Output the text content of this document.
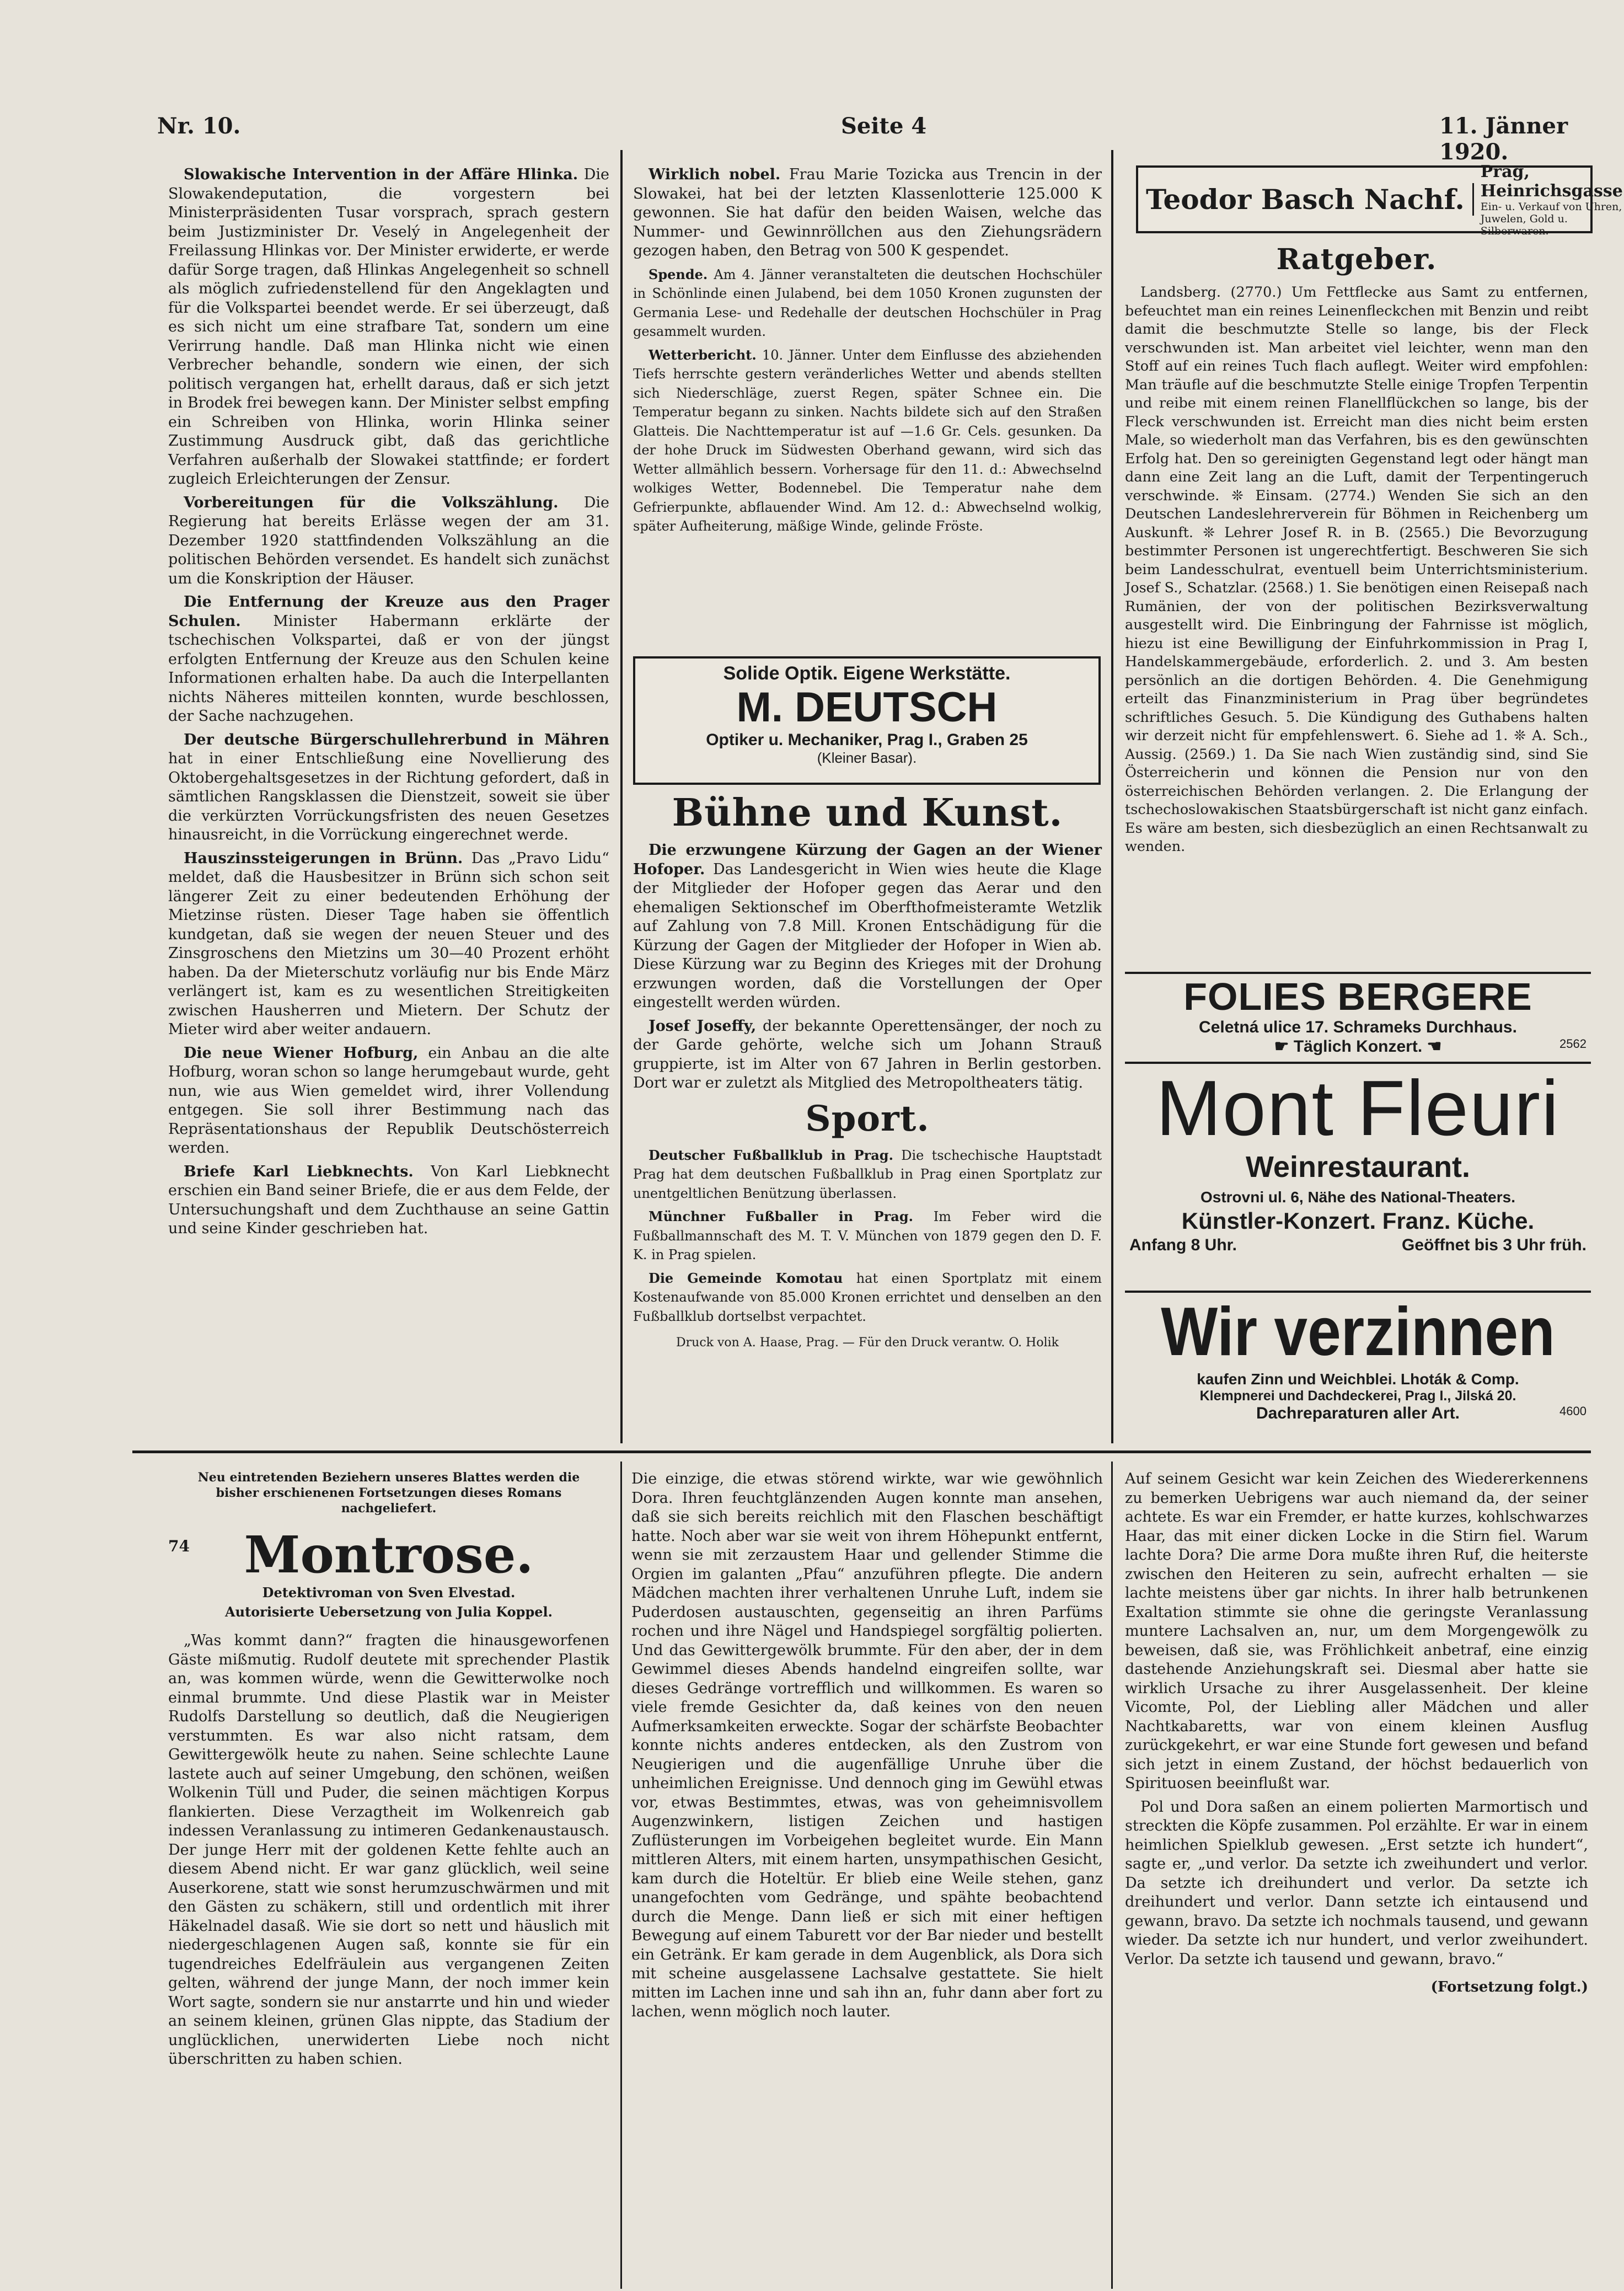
Nr. 10.	Seite 4	11. Jänner 1920.

Slowakische Intervention in der Affäre Hlinka. Die Slowakendeputation, die vorgestern bei Ministerpräsidenten Tusar vorsprach, sprach gestern beim Justizminister Dr. Veselý in Angelegenheit der Freilassung Hlinkas vor. Der Minister erwiderte, er werde dafür Sorge tragen, daß Hlinkas Angelegenheit so schnell als möglich zufriedenstellend für den Angeklagten und für die Volkspartei beendet werde. Er sei überzeugt, daß es sich nicht um eine strafbare Tat, sondern um eine Verirrung handle. Daß man Hlinka nicht wie einen Verbrecher behandle, sondern wie einen, der sich politisch vergangen hat, erhellt daraus, daß er sich jetzt in Brodek frei bewegen kann. Der Minister selbst empfing ein Schreiben von Hlinka, worin Hlinka seiner Zustimmung Ausdruck gibt, daß das gerichtliche Verfahren außerhalb der Slowakei stattfinde; er fordert zugleich Erleichterungen der Zensur.

Vorbereitungen für die Volkszählung. Die Regierung hat bereits Erlässe wegen der am 31. Dezember 1920 stattfindenden Volkszählung an die politischen Behörden versendet. Es handelt sich zunächst um die Konskription der Häuser.

Die Entfernung der Kreuze aus den Prager Schulen. Minister Habermann erklärte der tschechischen Volkspartei, daß er von der jüngst erfolgten Entfernung der Kreuze aus den Schulen keine Informationen erhalten habe. Da auch die Interpellanten nichts Näheres mitteilen konnten, wurde beschlossen, der Sache nachzugehen.

Der deutsche Bürgerschullehrerbund in Mähren hat in einer Entschließung eine Novellierung des Oktobergehaltsgesetzes in der Richtung gefordert, daß in sämtlichen Rangsklassen die Dienstzeit, soweit sie über die verkürzten Vorrückungsfristen des neuen Gesetzes hinausreicht, in die Vorrückung eingerechnet werde.

Hauszinssteigerungen in Brünn. Das „Pravo Lidu“ meldet, daß die Hausbesitzer in Brünn sich schon seit längerer Zeit zu einer bedeutenden Erhöhung der Mietzinse rüsten. Dieser Tage haben sie öffentlich kundgetan, daß sie wegen der neuen Steuer und des Zinsgroschens den Mietzins um 30—40 Prozent erhöht haben. Da der Mieterschutz vorläufig nur bis Ende März verlängert ist, kam es zu wesentlichen Streitigkeiten zwischen Hausherren und Mietern. Der Schutz der Mieter wird aber weiter andauern.

Die neue Wiener Hofburg, ein Anbau an die alte Hofburg, woran schon so lange herumgebaut wurde, geht nun, wie aus Wien gemeldet wird, ihrer Vollendung entgegen. Sie soll ihrer Bestimmung nach das Repräsentationshaus der Republik Deutschösterreich werden.

Briefe Karl Liebknechts. Von Karl Liebknecht erschien ein Band seiner Briefe, die er aus dem Felde, der Untersuchungshaft und dem Zuchthause an seine Gattin und seine Kinder geschrieben hat.

Wirklich nobel. Frau Marie Tozicka aus Trencin in der Slowakei, hat bei der letzten Klassenlotterie 125.000 K gewonnen. Sie hat dafür den beiden Waisen, welche das Nummer- und Gewinnröllchen aus den Ziehungsrädern gezogen haben, den Betrag von 500 K gespendet.

Spende. Am 4. Jänner veranstalteten die deutschen Hochschüler in Schönlinde einen Julabend, bei dem 1050 Kronen zugunsten der Germania Lese- und Redehalle der deutschen Hochschüler in Prag gesammelt wurden.

Wetterbericht. 10. Jänner. Unter dem Einflusse des abziehenden Tiefs herrschte gestern veränderliches Wetter und abends stellten sich Niederschläge, zuerst Regen, später Schnee ein. Die Temperatur begann zu sinken. Nachts bildete sich auf den Straßen Glatteis. Die Nachttemperatur ist auf —1.6 Gr. Cels. gesunken. Da der hohe Druck im Südwesten Oberhand gewann, wird sich das Wetter allmählich bessern. Vorhersage für den 11. d.: Abwechselnd wolkiges Wetter, Bodennebel. Die Temperatur nahe dem Gefrierpunkte, abflauender Wind. Am 12. d.: Abwechselnd wolkig, später Aufheiterung, mäßige Winde, gelinde Fröste.

Solide Optik. Eigene Werkstätte.
M. DEUTSCH
Optiker u. Mechaniker, Prag I., Graben 25
(Kleiner Basar).
Bühne und Kunst.

Die erzwungene Kürzung der Gagen an der Wiener Hofoper. Das Landesgericht in Wien wies heute die Klage der Mitglieder der Hofoper gegen das Aerar und den ehemaligen Sektionschef im Oberfthofmeisteramte Wetzlik auf Zahlung von 7.8 Mill. Kronen Entschädigung für die Kürzung der Gagen der Mitglieder der Hofoper in Wien ab. Diese Kürzung war zu Beginn des Krieges mit der Drohung erzwungen worden, daß die Vorstellungen der Oper eingestellt werden würden.

Josef Joseffy, der bekannte Operettensänger, der noch zu der Garde gehörte, welche sich um Johann Strauß gruppierte, ist im Alter von 67 Jahren in Berlin gestorben. Dort war er zuletzt als Mitglied des Metropoltheaters tätig.

Sport.

Deutscher Fußballklub in Prag. Die tschechische Hauptstadt Prag hat dem deutschen Fußballklub in Prag einen Sportplatz zur unentgeltlichen Benützung überlassen.

Münchner Fußballer in Prag. Im Feber wird die Fußballmannschaft des M. T. V. München von 1879 gegen den D. F. K. in Prag spielen.

Die Gemeinde Komotau hat einen Sportplatz mit einem Kostenaufwande von 85.000 Kronen errichtet und denselben an den Fußballklub dortselbst verpachtet.

Druck von A. Haase, Prag. — Für den Druck verantw. O. Holik
Teodor Basch Nachf.
Prag, Heinrichsgasse
Ein- u. Verkauf von Uhren, Juwelen, Gold u. Silberwaren.
Ratgeber.

Landsberg. (2770.) Um Fettflecke aus Samt zu entfernen, befeuchtet man ein reines Leinenfleckchen mit Benzin und reibt damit die beschmutzte Stelle so lange, bis der Fleck verschwunden ist. Man arbeitet viel leichter, wenn man den Stoff auf ein reines Tuch flach auflegt. Weiter wird empfohlen: Man träufle auf die beschmutzte Stelle einige Tropfen Terpentin und reibe mit einem reinen Flanellflückchen so lange, bis der Fleck verschwunden ist. Erreicht man dies nicht beim ersten Male, so wiederholt man das Verfahren, bis es den gewünschten Erfolg hat. Den so gereinigten Gegenstand legt oder hängt man dann eine Zeit lang an die Luft, damit der Terpentingeruch verschwinde. ❊ Einsam. (2774.) Wenden Sie sich an den Deutschen Landeslehrerverein für Böhmen in Reichenberg um Auskunft. ❊ Lehrer Josef R. in B. (2565.) Die Bevorzugung bestimmter Personen ist ungerechtfertigt. Beschweren Sie sich beim Landesschulrat, eventuell beim Unterrichtsministerium. Josef S., Schatzlar. (2568.) 1. Sie benötigen einen Reisepaß nach Rumänien, der von der politischen Bezirksverwaltung ausgestellt wird. Die Einbringung der Fahrnisse ist möglich, hiezu ist eine Bewilligung der Einfuhrkommission in Prag I, Handelskammergebäude, erforderlich. 2. und 3. Am besten persönlich an die dortigen Behörden. 4. Die Genehmigung erteilt das Finanzministerium in Prag über begründetes schriftliches Gesuch. 5. Die Kündigung des Guthabens halten wir derzeit nicht für empfehlenswert. 6. Siehe ad 1. ❊ A. Sch., Aussig. (2569.) 1. Da Sie nach Wien zuständig sind, sind Sie Österreicherin und können die Pension nur von den österreichischen Behörden verlangen. 2. Die Erlangung der tschechoslowakischen Staatsbürgerschaft ist nicht ganz einfach. Es wäre am besten, sich diesbezüglich an einen Rechtsanwalt zu wenden.

FOLIES BERGERE
Celetná ulice 17. Schrameks Durchhaus.
☛ Täglich Konzert. ☚	2562
Mont Fleuri
Weinrestaurant.
Ostrovni ul. 6, Nähe des National-Theaters.
Künstler-Konzert. Franz. Küche.
Anfang 8 Uhr.	Geöffnet bis 3 Uhr früh.
Wir verzinnen
kaufen Zinn und Weichblei. Lhoták & Comp.
Klempnerei und Dachdeckerei, Prag I., Jilská 20.
Dachreparaturen aller Art.	4600
Neu eintretenden Beziehern unseres Blattes werden die bisher erschienenen Fortsetzungen dieses Romans nachgeliefert.
74	Montrose.
Detektivroman von Sven Elvestad.
Autorisierte Uebersetzung von Julia Koppel.

„Was kommt dann?“ fragten die hinausgeworfenen Gäste mißmutig. Rudolf deutete mit sprechender Plastik an, was kommen würde, wenn die Gewitterwolke noch einmal brummte. Und diese Plastik war in Meister Rudolfs Darstellung so deutlich, daß die Neugierigen verstummten. Es war also nicht ratsam, dem Gewittergewölk heute zu nahen. Seine schlechte Laune lastete auch auf seiner Umgebung, den schönen, weißen Wolkenin Tüll und Puder, die seinen mächtigen Korpus flankierten. Diese Verzagtheit im Wolkenreich gab indessen Veranlassung zu intimeren Gedankenaustausch. Der junge Herr mit der goldenen Kette fehlte auch an diesem Abend nicht. Er war ganz glücklich, weil seine Auserkorene, statt wie sonst herumzuschwärmen und mit den Gästen zu schäkern, still und ordentlich mit ihrer Häkelnadel dasaß. Wie sie dort so nett und häuslich mit niedergeschlagenen Augen saß, konnte sie für ein tugendreiches Edelfräulein aus vergangenen Zeiten gelten, während der junge Mann, der noch immer kein Wort sagte, sondern sie nur anstarrte und hin und wieder an seinem kleinen, grünen Glas nippte, das Stadium der unglücklichen, unerwiderten Liebe noch nicht überschritten zu haben schien.

Die einzige, die etwas störend wirkte, war wie gewöhnlich Dora. Ihren feuchtglänzenden Augen konnte man ansehen, daß sie sich bereits reichlich mit den Flaschen beschäftigt hatte. Noch aber war sie weit von ihrem Höhepunkt entfernt, wenn sie mit zerzaustem Haar und gellender Stimme die Orgien im galanten „Pfau“ anzuführen pflegte. Die andern Mädchen machten ihrer verhaltenen Unruhe Luft, indem sie Puderdosen austauschten, gegenseitig an ihren Parfüms rochen und ihre Nägel und Handspiegel sorgfältig polierten. Und das Gewittergewölk brummte. Für den aber, der in dem Gewimmel dieses Abends handelnd eingreifen sollte, war dieses Gedränge vortrefflich und willkommen. Es waren so viele fremde Gesichter da, daß keines von den neuen Aufmerksamkeiten erweckte. Sogar der schärfste Beobachter konnte nichts anderes entdecken, als den Zustrom von Neugierigen und die augenfällige Unruhe über die unheimlichen Ereignisse. Und dennoch ging im Gewühl etwas vor, etwas Bestimmtes, etwas, was von geheimnisvollem Augenzwinkern, listigen Zeichen und hastigen Zuflüsterungen im Vorbeigehen begleitet wurde. Ein Mann mittleren Alters, mit einem harten, unsympathischen Gesicht, kam durch die Hoteltür. Er blieb eine Weile stehen, ganz unangefochten vom Gedränge, und spähte beobachtend durch die Menge. Dann ließ er sich mit einer heftigen Bewegung auf einem Taburett vor der Bar nieder und bestellt ein Getränk. Er kam gerade in dem Augenblick, als Dora sich mit scheine ausgelassene Lachsalve gestattete. Sie hielt mitten im Lachen inne und sah ihn an, fuhr dann aber fort zu lachen, wenn möglich noch lauter.

Auf seinem Gesicht war kein Zeichen des Wiedererkennens zu bemerken Uebrigens war auch niemand da, der seiner achtete. Es war ein Fremder, er hatte kurzes, kohlschwarzes Haar, das mit einer dicken Locke in die Stirn fiel. Warum lachte Dora? Die arme Dora mußte ihren Ruf, die heiterste zwischen den Heiteren zu sein, aufrecht erhalten — sie lachte meistens über gar nichts. In ihrer halb betrunkenen Exaltation stimmte sie ohne die geringste Veranlassung muntere Lachsalven an, nur, um dem Morgengewölk zu beweisen, daß sie, was Fröhlichkeit anbetraf, eine einzig dastehende Anziehungskraft sei. Diesmal aber hatte sie wirklich Ursache zu ihrer Ausgelassenheit. Der kleine Vicomte, Pol, der Liebling aller Mädchen und aller Nachtkabaretts, war von einem kleinen Ausflug zurückgekehrt, er war eine Stunde fort gewesen und befand sich jetzt in einem Zustand, der höchst bedauerlich von Spirituosen beeinflußt war.

Pol und Dora saßen an einem polierten Marmortisch und streckten die Köpfe zusammen. Pol erzählte. Er war in einem heimlichen Spielklub gewesen. „Erst setzte ich hundert“, sagte er, „und verlor. Da setzte ich zweihundert und verlor. Da setzte ich dreihundert und verlor. Da setzte ich dreihundert und verlor. Dann setzte ich eintausend und gewann, bravo. Da setzte ich nochmals tausend, und gewann wieder. Da setzte ich nur hundert, und verlor zweihundert. Verlor. Da setzte ich tausend und gewann, bravo.“

(Fortsetzung folgt.)
